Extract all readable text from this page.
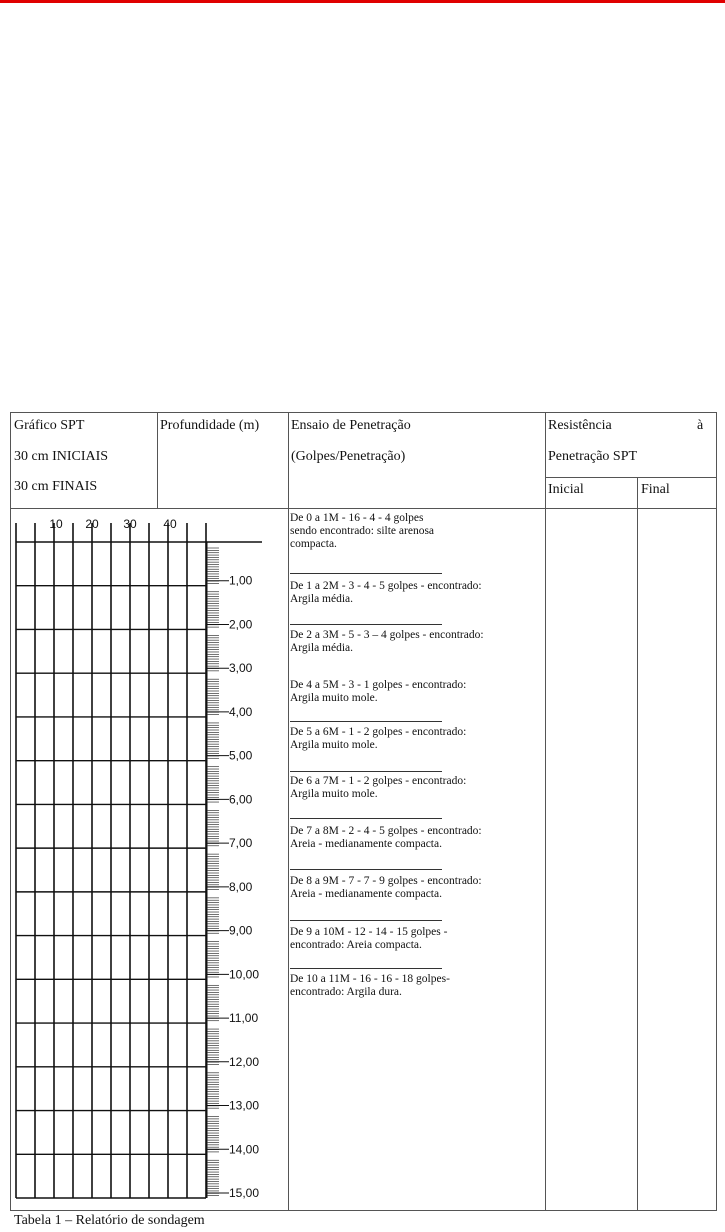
Gráfico SPT
30 cm INICIAIS
30 cm FINAIS
Profundidade (m) Ensaio de Penetração
(Golpes/Penetração)
Resistência	à
Penetração SPT
Inicial	Final
10 20 30 40
1,00
2,00
3,00
4,00
5,00
6,00
7,00
8,00
9,00
10,00
11,00
12,00
13,00
14,00
15,00
De 0 a 1M - 16 - 4 - 4 golpes
sendo encontrado: silte arenosa
compacta.
De 1 a 2M - 3 - 4 - 5 golpes - encontrado:
Argila média.
De 2 a 3M - 5 - 3 – 4 golpes - encontrado:
Argila média.
De 4 a 5M - 3 - 1 golpes - encontrado:
Argila muito mole.
De 5 a 6M - 1 - 2 golpes - encontrado:
Argila muito mole.
De 6 a 7M - 1 - 2 golpes - encontrado:
Argila muito mole.
De 7 a 8M - 2 - 4 - 5 golpes - encontrado:
Areia - medianamente compacta.
De 8 a 9M - 7 - 7 - 9 golpes - encontrado:
Areia - medianamente compacta.
De 9 a 10M - 12 - 14 - 15 golpes -
encontrado: Areia compacta.
De 10 a 11M - 16 - 16 - 18 golpes-
encontrado: Argila dura.
Tabela 1 – Relatório de sondagem
